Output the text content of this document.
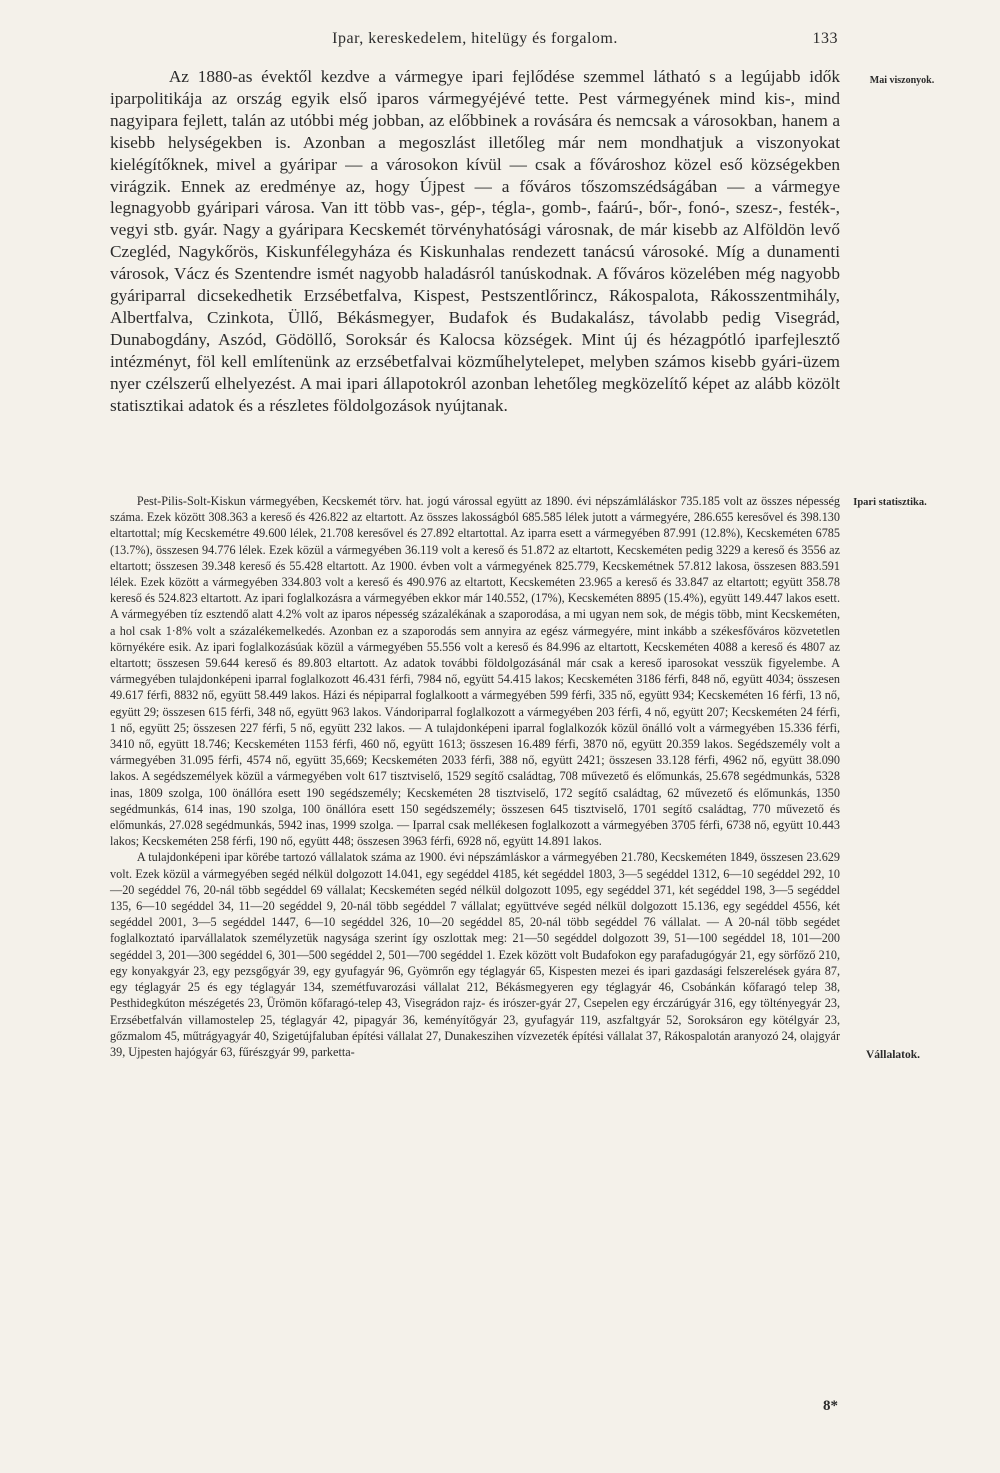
Ipar, kereskedelem, hitelügy és forgalom.	133
Mai viszonyok.
Ipari statisztika.
Vállalatok.

Az 1880-as évektől kezdve a vármegye ipari fejlődése szemmel látható s a legújabb idők iparpolitikája az ország egyik első iparos vármegyéjévé tette. Pest vármegyének mind kis-, mind nagyipara fejlett, talán az utóbbi még jobban, az előbbinek a rovására és nemcsak a városokban, hanem a kisebb helységekben is. Azonban a megoszlást illetőleg már nem mondhatjuk a viszonyokat kielégítőknek, mivel a gyáripar — a városokon kívül — csak a fővároshoz közel eső községekben virágzik. Ennek az eredménye az, hogy Újpest — a főváros tőszomszédságában — a vármegye legnagyobb gyáripari városa. Van itt több vas-, gép-, tégla-, gomb-, faárú-, bőr-, fonó-, szesz-, festék-, vegyi stb. gyár. Nagy a gyáripara Kecskemét törvényhatósági városnak, de már kisebb az Alföldön levő Czegléd, Nagykőrös, Kiskunfélegyháza és Kiskunhalas rendezett tanácsú városoké. Míg a dunamenti városok, Vácz és Szentendre ismét nagyobb haladásról tanúskodnak. A főváros közelében még nagyobb gyáriparral dicsekedhetik Erzsébetfalva, Kispest, Pestszentlőrincz, Rákospalota, Rákosszentmihály, Albertfalva, Czinkota, Üllő, Békásmegyer, Budafok és Budakalász, távolabb pedig Visegrád, Dunabogdány, Aszód, Gödöllő, Soroksár és Kalocsa községek. Mint új és hézagpótló iparfejlesztő intézményt, föl kell említenünk az erzsébetfalvai közműhelytelepet, melyben számos kisebb gyári-üzem nyer czélszerű elhelyezést. A mai ipari állapotokról azonban lehetőleg megközelítő képet az alább közölt statisztikai adatok és a részletes földolgozások nyújtanak.

Pest-Pilis-Solt-Kiskun vármegyében, Kecskemét törv. hat. jogú várossal együtt az 1890. évi népszámláláskor 735.185 volt az összes népesség száma. Ezek között 308.363 a kereső és 426.822 az eltartott. Az összes lakosságból 685.585 lélek jutott a vármegyére, 286.655 keresővel és 398.130 eltartottal; míg Kecskemétre 49.600 lélek, 21.708 keresővel és 27.892 eltartottal. Az iparra esett a vármegyében 87.991 (12.8%), Kecskeméten 6785 (13.7%), összesen 94.776 lélek. Ezek közül a vármegyében 36.119 volt a kereső és 51.872 az eltartott, Kecskeméten pedig 3229 a kereső és 3556 az eltartott; összesen 39.348 kereső és 55.428 eltartott. Az 1900. évben volt a vármegyének 825.779, Kecskemétnek 57.812 lakosa, összesen 883.591 lélek. Ezek között a vármegyében 334.803 volt a kereső és 490.976 az eltartott, Kecskeméten 23.965 a kereső és 33.847 az eltartott; együtt 358.78 kereső és 524.823 eltartott. Az ipari foglalkozásra a vármegyében ekkor már 140.552, (17%), Kecskeméten 8895 (15.4%), együtt 149.447 lakos esett. A vármegyében tíz esztendő alatt 4.2% volt az iparos népesség százalékának a szaporodása, a mi ugyan nem sok, de mégis több, mint Kecskeméten, a hol csak 1·8% volt a százalékemelkedés. Azonban ez a szaporodás sem annyira az egész vármegyére, mint inkább a székesfőváros közvetetlen környékére esik. Az ipari foglalkozásúak közül a vármegyében 55.556 volt a kereső és 84.996 az eltartott, Kecskeméten 4088 a kereső és 4807 az eltartott; összesen 59.644 kereső és 89.803 eltartott. Az adatok további földolgozásánál már csak a kereső iparosokat vesszük figyelembe. A vármegyében tulajdonképeni iparral foglalkozott 46.431 férfi, 7984 nő, együtt 54.415 lakos; Kecskeméten 3186 férfi, 848 nő, együtt 4034; összesen 49.617 férfi, 8832 nő, együtt 58.449 lakos. Házi és népiparral foglalkoott a vármegyében 599 férfi, 335 nő, együtt 934; Kecskeméten 16 férfi, 13 nő, együtt 29; összesen 615 férfi, 348 nő, együtt 963 lakos. Vándoriparral foglalkozott a vármegyében 203 férfi, 4 nő, együtt 207; Kecskeméten 24 férfi, 1 nő, együtt 25; összesen 227 férfi, 5 nő, együtt 232 lakos. — A tulajdonképeni iparral foglalkozók közül önálló volt a vármegyében 15.336 férfi, 3410 nő, együtt 18.746; Kecskeméten 1153 férfi, 460 nő, együtt 1613; összesen 16.489 férfi, 3870 nő, együtt 20.359 lakos. Segédszemély volt a vármegyében 31.095 férfi, 4574 nő, együtt 35,669; Kecskeméten 2033 férfi, 388 nő, együtt 2421; összesen 33.128 férfi, 4962 nő, együtt 38.090 lakos. A segédszemélyek közül a vármegyében volt 617 tisztviselő, 1529 segítő családtag, 708 művezető és előmunkás, 25.678 segédmunkás, 5328 inas, 1809 szolga, 100 önállóra esett 190 segédszemély; Kecskeméten 28 tisztviselő, 172 segítő családtag, 62 művezető és előmunkás, 1350 segédmunkás, 614 inas, 190 szolga, 100 önállóra esett 150 segédszemély; összesen 645 tisztviselő, 1701 segítő családtag, 770 művezető és előmunkás, 27.028 segédmunkás, 5942 inas, 1999 szolga. — Iparral csak mellékesen foglalkozott a vármegyében 3705 férfi, 6738 nő, együtt 10.443 lakos; Kecskeméten 258 férfi, 190 nő, együtt 448; összesen 3963 férfi, 6928 nő, együtt 14.891 lakos.

A tulajdonképeni ipar körébe tartozó vállalatok száma az 1900. évi népszámláskor a vármegyében 21.780, Kecskeméten 1849, összesen 23.629 volt. Ezek közül a vármegyében segéd nélkül dolgozott 14.041, egy segéddel 4185, két segéddel 1803, 3—5 segéddel 1312, 6—10 segéddel 292, 10—20 segéddel 76, 20-nál több segéddel 69 vállalat; Kecskeméten segéd nélkül dolgozott 1095, egy segéddel 371, két segéddel 198, 3—5 segéddel 135, 6—10 segéddel 34, 11—20 segéddel 9, 20-nál több segéddel 7 vállalat; együttvéve segéd nélkül dolgozott 15.136, egy segéddel 4556, két segéddel 2001, 3—5 segéddel 1447, 6—10 segéddel 326, 10—20 segéddel 85, 20-nál több segéddel 76 vállalat. — A 20-nál több segédet foglalkoztató iparvállalatok személyzetük nagysága szerint így oszlottak meg: 21—50 segéddel dolgozott 39, 51—100 segéddel 18, 101—200 segéddel 3, 201—300 segéddel 6, 301—500 segéddel 2, 501—700 segéddel 1. Ezek között volt Budafokon egy parafadugógyár 21, egy sörfőző 210, egy konyakgyár 23, egy pezsgőgyár 39, egy gyufagyár 96, Gyömrőn egy téglagyár 65, Kispesten mezei és ipari gazdasági felszerelések gyára 87, egy téglagyár 25 és egy téglagyár 134, szemétfuvarozási vállalat 212, Békásmegyeren egy téglagyár 46, Csobánkán kőfaragó telep 38, Pesthidegkúton mészégetés 23, Ürömön kőfaragó-telep 43, Visegrádon rajz- és irószer-gyár 27, Csepelen egy érczárúgyár 316, egy töltényegyár 23, Erzsébetfalván villamostelep 25, téglagyár 42, pipagyár 36, keményítőgyár 23, gyufagyár 119, aszfaltgyár 52, Soroksáron egy kötélgyár 23, gőzmalom 45, műtrágyagyár 40, Szigetújfaluban építési vállalat 27, Dunakeszihen vízvezeték építési vállalat 37, Rákospalotán aranyozó 24, olajgyár 39, Ujpesten hajógyár 63, fűrészgyár 99, parketta-

8*
